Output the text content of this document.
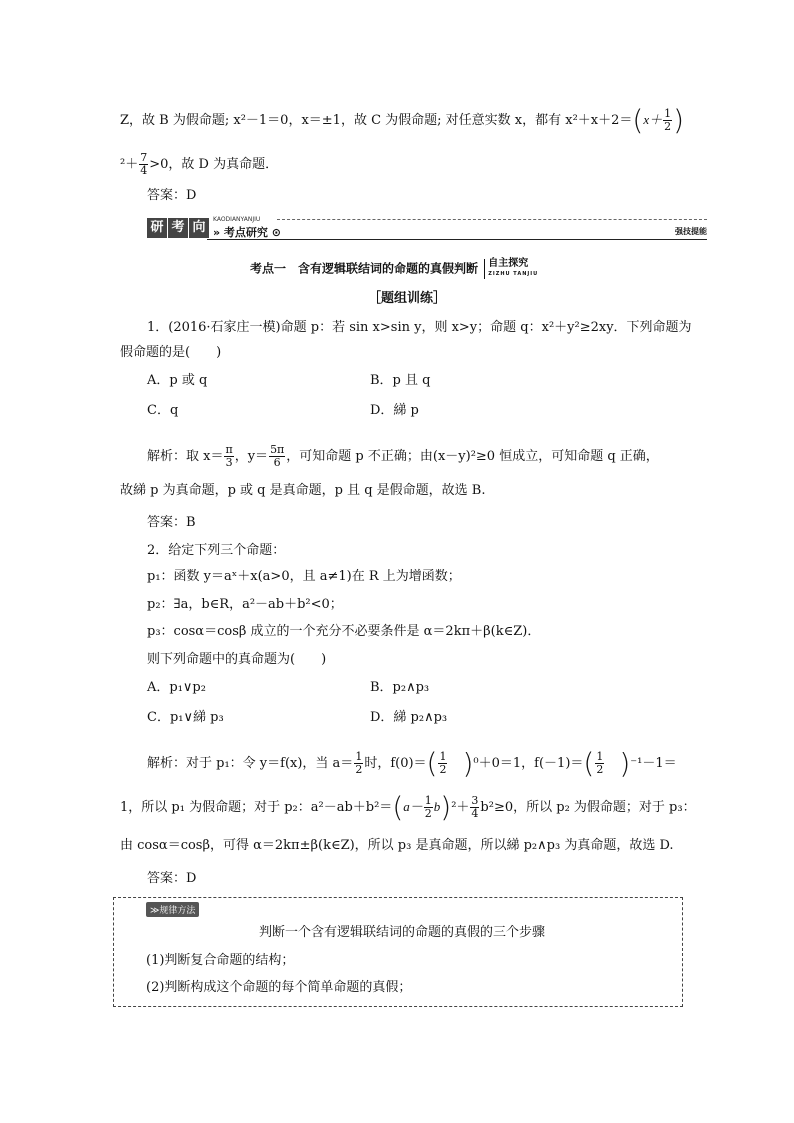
Z，故 B 为假命题; x²－1＝0，x＝±1，故 C 为假命题; 对任意实数 x，都有 $x^2+x+2=(x+ \frac{1}{2}$ )
$^2+ \frac{7}{4} >0$，故 D 为真命题．
答案：D
研 考 向
KAODIANYANJIU
» 考点研究 ⊙	强技提能
考点一　含有逻辑联结词的命题的真假判断 自主探究
ZIZHU TANJIU
［题组训练］
1．(2016·石家庄一模)命题 p：若 sin x>sin y，则 x>y；命题 q：x²＋y²≥2xy．下列命题为
假命题的是(　　)
A．p 或 q	B．p 且 q
C．q	D．綈 p
解析：取 $x= \frac{\pi}{3}$ ，$y= \frac{5\pi}{6}$ ，可知命题 p 不正确；由(x－y)²≥0 恒成立，可知命题 q 正确，
故綈 p 为真命题，p 或 q 是真命题，p 且 q 是假命题，故选 B.
答案：B
2．给定下列三个命题：
p₁：函数 y＝aˣ＋x(a>0，且 a≠1)在 R 上为增函数；
p₂：∃a，b∈R，a²－ab＋b²<0；
p₃：cosα＝cosβ 成立的一个充分不必要条件是 α＝2kπ＋β(k∈Z)．
则下列命题中的真命题为(　　)
A．p₁∨p₂	B．p₂∧p₃
C．p₁∨綈 p₃	D．綈 p₂∧p₃
解析：对于 p₁：令 y＝f(x)，当 $a= \frac{1}{2}$ 时，$f(0)=( \frac{1}{2} )^0+0=1$，$f(-1)=( \frac{1}{2} )^{-1}-1=$
1，所以 p₁ 为假命题；对于 p₂：$a^2-ab+b^2=(a- \frac{1}{2} b)^2+ \frac{3}{4} b^2\ge 0$，所以 p₂ 为假命题；对于 p₃：
由 cosα＝cosβ，可得 α＝2kπ±β(k∈Z)，所以 p₃ 是真命题，所以綈 p₂∧p₃ 为真命题，故选 D.
答案：D
≫规律方法
判断一个含有逻辑联结词的命题的真假的三个步骤
(1)判断复合命题的结构；
(2)判断构成这个命题的每个简单命题的真假；
